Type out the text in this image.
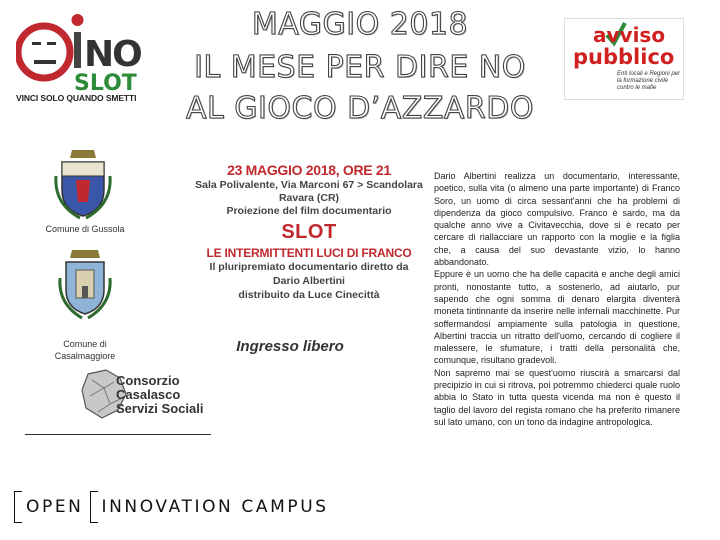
NO
SLOT
VINCI SOLO QUANDO SMETTI
MAGGIO 2018
IL MESE PER DIRE NO
AL GIOCO D’AZZARDO
avviso
pubblico
Enti locali e Regioni per la formazione civile contro le mafie
Comune di Gussola
Comune di
Casalmaggiore
Consorzio
Casalasco
Servizi Sociali
23 MAGGIO 2018, ORE 21
Sala Polivalente, Via Marconi 67 > Scandolara Ravara (CR)
Proiezione del film documentario
SLOT
LE INTERMITTENTI LUCI DI FRANCO
Il pluripremiato documentario diretto da
Dario Albertini
distribuito da Luce Cinecittà
Ingresso libero

Dario Albertini realizza un documentario, interessante, poetico, sulla vita (o almeno una parte importante) di Franco Soro, un uomo di circa sessant'anni che ha problemi di dipendenza da gioco compulsivo. Franco è sardo, ma da qualche anno vive a Civitavecchia, dove si è recato per cercare di riallacciare un rapporto con la moglie e la figlia che, a causa del suo devastante vizio, lo hanno abbandonato.

Eppure è un uomo che ha delle capacità e anche degli amici pronti, nonostante tutto, a sostenerlo, ad aiutarlo, pur sapendo che ogni somma di denaro elargita diventerà moneta tintinnante da inserire nelle infernali macchinette. Pur soffermandosi ampiamente sulla patologia in questione, Albertini traccia un ritratto dell'uomo, cercando di cogliere il malessere, le sfumature, i tratti della personalità che, comunque, risultano gradevoli.

Non sapremo mai se quest'uomo riuscirà a smarcarsi dal precipizio in cui si ritrova, poi potremmo chiederci quale ruolo abbia lo Stato in tutta questa vicenda ma non è questo il taglio del lavoro del regista romano che ha preferito rimanere sul lato umano, con un tono da indagine antropologica.

OPEN INNOVATION CAMPUS
